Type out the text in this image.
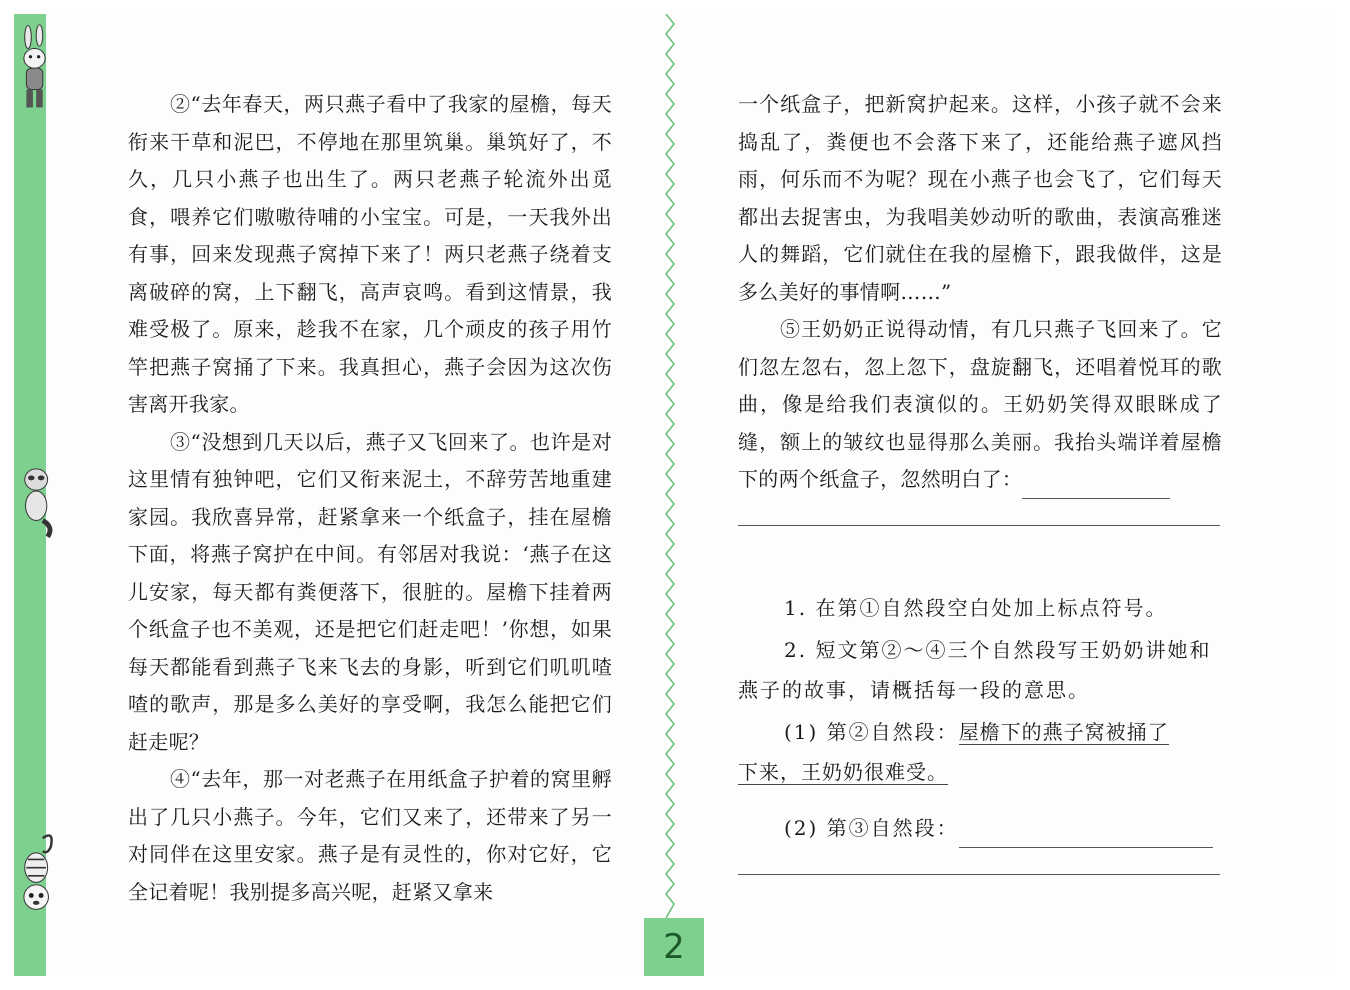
2

②“去年春天，两只燕子看中了我家的屋檐，每天衔来干草和泥巴，不停地在那里筑巢。巢筑好了，不久，几只小燕子也出生了。两只老燕子轮流外出觅食，喂养它们嗷嗷待哺的小宝宝。可是，一天我外出有事，回来发现燕子窝掉下来了！两只老燕子绕着支离破碎的窝，上下翻飞，高声哀鸣。看到这情景，我难受极了。原来，趁我不在家，几个顽皮的孩子用竹竿把燕子窝捅了下来。我真担心，燕子会因为这次伤害离开我家。

③“没想到几天以后，燕子又飞回来了。也许是对这里情有独钟吧，它们又衔来泥土，不辞劳苦地重建家园。我欣喜异常，赶紧拿来一个纸盒子，挂在屋檐下面，将燕子窝护在中间。有邻居对我说：‘燕子在这儿安家，每天都有粪便落下，很脏的。屋檐下挂着两个纸盒子也不美观，还是把它们赶走吧！’你想，如果每天都能看到燕子飞来飞去的身影，听到它们叽叽喳喳的歌声，那是多么美好的享受啊，我怎么能把它们赶走呢？

④“去年，那一对老燕子在用纸盒子护着的窝里孵出了几只小燕子。今年，它们又来了，还带来了另一对同伴在这里安家。燕子是有灵性的，你对它好，它全记着呢！我别提多高兴呢，赶紧又拿来

一个纸盒子，把新窝护起来。这样，小孩子就不会来捣乱了，粪便也不会落下来了，还能给燕子遮风挡雨，何乐而不为呢？现在小燕子也会飞了，它们每天都出去捉害虫，为我唱美妙动听的歌曲，表演高雅迷人的舞蹈，它们就住在我的屋檐下，跟我做伴，这是多么美好的事情啊……”

⑤王奶奶正说得动情，有几只燕子飞回来了。它们忽左忽右，忽上忽下，盘旋翻飞，还唱着悦耳的歌曲，像是给我们表演似的。王奶奶笑得双眼眯成了缝，额上的皱纹也显得那么美丽。我抬头端详着屋檐下的两个纸盒子，忽然明白了：

1. 在第①自然段空白处加上标点符号。

2. 短文第②～④三个自然段写王奶奶讲她和燕子的故事，请概括每一段的意思。

(1) 第②自然段：屋檐下的燕子窝被捅了

下来，王奶奶很难受。

(2) 第③自然段：
